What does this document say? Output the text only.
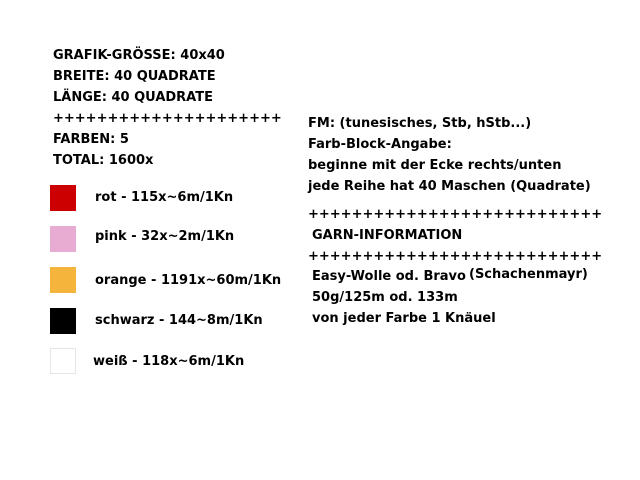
GRAFIK-GRÖSSE: 40x40
BREITE: 40 QUADRATE
LÄNGE: 40 QUADRATE
+++++++++++++++++++++
FARBEN: 5
TOTAL: 1600x
rot - 115x~6m/1Kn
pink - 32x~2m/1Kn
orange - 1191x~60m/1Kn
schwarz - 144~8m/1Kn
weiß - 118x~6m/1Kn
FM: (tunesisches, Stb, hStb...)
Farb-Block-Angabe:
beginne mit der Ecke rechts/unten
jede Reihe hat 40 Maschen (Quadrate)
+++++++++++++++++++++++++++
GARN-INFORMATION
+++++++++++++++++++++++++++
Easy-Wolle od. Bravo (Schachenmayr)
50g/125m od. 133m
von jeder Farbe 1 Knäuel
